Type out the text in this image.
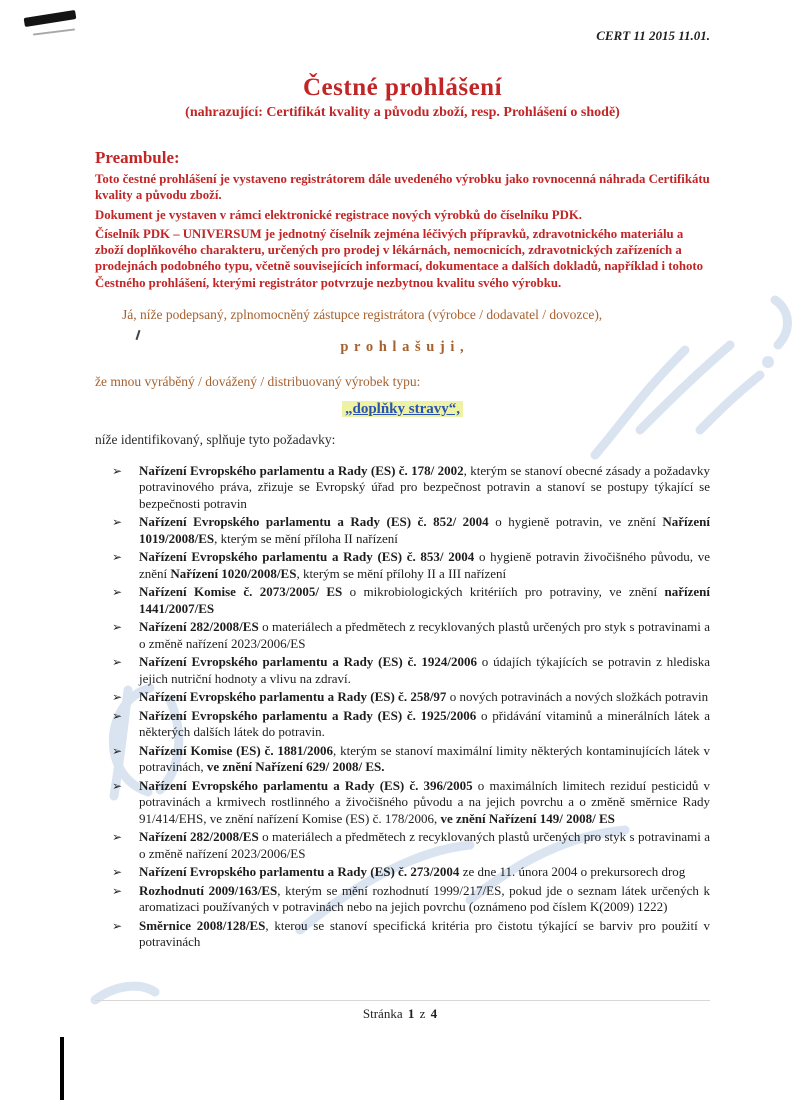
CERT 11 2015 11.01.
Čestné prohlášení
(nahrazující: Certifikát kvality a původu zboží, resp. Prohlášení o shodě)
Preambule:

Toto čestné prohlášení je vystaveno registrátorem dále uvedeného výrobku jako rovnocenná náhrada Certifikátu kvality a původu zboží.

Dokument je vystaven v rámci elektronické registrace nových výrobků do číselníku PDK.

Číselník PDK – UNIVERSUM je jednotný číselník zejména léčivých přípravků, zdravotnického materiálu a zboží doplňkového charakteru, určených pro prodej v lékárnách, nemocnicích, zdravotnických zařízeních a prodejnách podobného typu, včetně souvisejících informací, dokumentace a dalších dokladů, například i tohoto Čestného prohlášení, kterými registrátor potvrzuje nezbytnou kvalitu svého výrobku.

Já, níže podepsaný, zplnomocněný zástupce registrátora (výrobce / dodavatel / dovozce),

p r o h l a š u j i ,

že mnou vyráběný / dovážený / distribuovaný výrobek typu:

„doplňky stravy“,

níže identifikovaný, splňuje tyto požadavky:

➢	Nařízení Evropského parlamentu a Rady (ES) č. 178/ 2002, kterým se stanoví obecné zásady a požadavky potravinového práva, zřizuje se Evropský úřad pro bezpečnost potravin a stanoví se postupy týkající se bezpečnosti potravin
➢	Nařízení Evropského parlamentu a Rady (ES) č. 852/ 2004 o hygieně potravin, ve znění Nařízení 1019/2008/ES, kterým se mění příloha II nařízení
➢	Nařízení Evropského parlamentu a Rady (ES) č. 853/ 2004 o hygieně potravin živočišného původu, ve znění Nařízení 1020/2008/ES, kterým se mění přílohy II a III nařízení
➢	Nařízení Komise č. 2073/2005/ ES o mikrobiologických kritériích pro potraviny, ve znění nařízení 1441/2007/ES
➢	Nařízení 282/2008/ES o materiálech a předmětech z recyklovaných plastů určených pro styk s potravinami a o změně nařízení 2023/2006/ES
➢	Nařízení Evropského parlamentu a Rady (ES) č. 1924/2006 o údajích týkajících se potravin z hlediska jejich nutriční hodnoty a vlivu na zdraví.
➢	Nařízení Evropského parlamentu a Rady (ES) č. 258/97 o nových potravinách a nových složkách potravin
➢	Nařízení Evropského parlamentu a Rady (ES) č. 1925/2006 o přidávání vitaminů a minerálních látek a některých dalších látek do potravin.
➢	Nařízení Komise (ES) č. 1881/2006, kterým se stanoví maximální limity některých kontaminujících látek v potravinách, ve znění Nařízení 629/ 2008/ ES.
➢	Nařízení Evropského parlamentu a Rady (ES) č. 396/2005 o maximálních limitech reziduí pesticidů v potravinách a krmivech rostlinného a živočišného původu a na jejich povrchu a o změně směrnice Rady 91/414/EHS, ve znění nařízení Komise (ES) č. 178/2006, ve znění Nařízení 149/ 2008/ ES
➢	Nařízení 282/2008/ES o materiálech a předmětech z recyklovaných plastů určených pro styk s potravinami a o změně nařízení 2023/2006/ES
➢	Nařízení Evropského parlamentu a Rady (ES) č. 273/2004 ze dne 11. února 2004 o prekursorech drog
➢	Rozhodnutí 2009/163/ES, kterým se mění rozhodnutí 1999/217/ES, pokud jde o seznam látek určených k aromatizaci používaných v potravinách nebo na jejich povrchu (oznámeno pod číslem K(2009) 1222)
➢	Směrnice 2008/128/ES, kterou se stanoví specifická kritéria pro čistotu týkající se barviv pro použití v potravinách
Stránka 1 z 4
